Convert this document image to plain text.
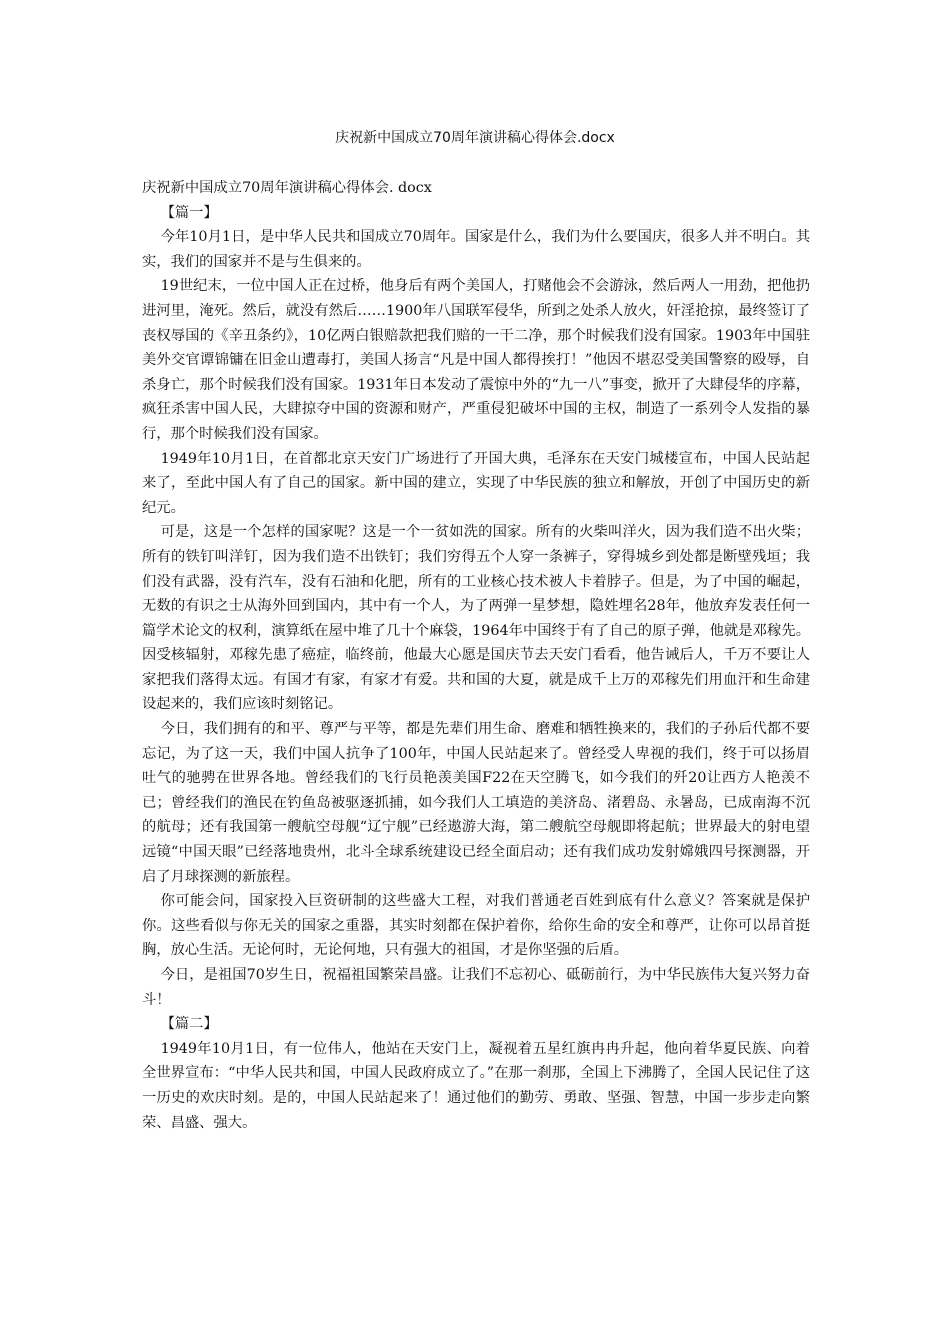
庆祝新中国成立70周年演讲稿心得体会.docx

庆祝新中国成立70周年演讲稿心得体会. docx

【篇一】

今年10月1日，是中华人民共和国成立70周年。国家是什么，我们为什么要国庆，很多人并不明白。其实，我们的国家并不是与生俱来的。

19世纪末，一位中国人正在过桥，他身后有两个美国人，打赌他会不会游泳，然后两人一用劲，把他扔进河里，淹死。然后，就没有然后……1900年八国联军侵华，所到之处杀人放火，奸淫抢掠，最终签订了丧权辱国的《辛丑条约》，10亿两白银赔款把我们赔的一干二净，那个时候我们没有国家。1903年中国驻美外交官谭锦镛在旧金山遭毒打，美国人扬言“凡是中国人都得挨打！”他因不堪忍受美国警察的殴辱，自杀身亡，那个时候我们没有国家。1931年日本发动了震惊中外的“九一八”事变，掀开了大肆侵华的序幕，疯狂杀害中国人民，大肆掠夺中国的资源和财产，严重侵犯破坏中国的主权，制造了一系列令人发指的暴行，那个时候我们没有国家。

1949年10月1日，在首都北京天安门广场进行了开国大典，毛泽东在天安门城楼宣布，中国人民站起来了，至此中国人有了自己的国家。新中国的建立，实现了中华民族的独立和解放，开创了中国历史的新纪元。

可是，这是一个怎样的国家呢？这是一个一贫如洗的国家。所有的火柴叫洋火，因为我们造不出火柴；所有的铁钉叫洋钉，因为我们造不出铁钉；我们穷得五个人穿一条裤子，穿得城乡到处都是断壁残垣；我们没有武器，没有汽车，没有石油和化肥，所有的工业核心技术被人卡着脖子。但是，为了中国的崛起，无数的有识之士从海外回到国内，其中有一个人，为了两弹一星梦想，隐姓埋名28年，他放弃发表任何一篇学术论文的权利，演算纸在屋中堆了几十个麻袋，1964年中国终于有了自己的原子弹，他就是邓稼先。因受核辐射，邓稼先患了癌症，临终前，他最大心愿是国庆节去天安门看看，他告诫后人，千万不要让人家把我们落得太远。有国才有家，有家才有爱。共和国的大夏，就是成千上万的邓稼先们用血汗和生命建设起来的，我们应该时刻铭记。

今日，我们拥有的和平、尊严与平等，都是先辈们用生命、磨难和牺牲换来的，我们的子孙后代都不要忘记，为了这一天，我们中国人抗争了100年，中国人民站起来了。曾经受人卑视的我们，终于可以扬眉吐气的驰骋在世界各地。曾经我们的飞行员艳羡美国F22在天空腾飞，如今我们的歼20让西方人艳羡不已；曾经我们的渔民在钓鱼岛被驱逐抓捕，如今我们人工填造的美济岛、渚碧岛、永暑岛，已成南海不沉的航母；还有我国第一艘航空母舰“辽宁舰”已经遨游大海，第二艘航空母舰即将起航；世界最大的射电望远镜“中国天眼”已经落地贵州，北斗全球系统建设已经全面启动；还有我们成功发射嫦娥四号探测器，开启了月球探测的新旅程。

你可能会问，国家投入巨资研制的这些盛大工程，对我们普通老百姓到底有什么意义？答案就是保护你。这些看似与你无关的国家之重器，其实时刻都在保护着你，给你生命的安全和尊严，让你可以昂首挺胸，放心生活。无论何时，无论何地，只有强大的祖国，才是你坚强的后盾。

今日，是祖国70岁生日，祝福祖国繁荣昌盛。让我们不忘初心、砥砺前行，为中华民族伟大复兴努力奋斗！

【篇二】

1949年10月1日，有一位伟人，他站在天安门上，凝视着五星红旗冉冉升起，他向着华夏民族、向着全世界宣布：“中华人民共和国，中国人民政府成立了。”在那一刹那，全国上下沸腾了，全国人民记住了这一历史的欢庆时刻。是的，中国人民站起来了！通过他们的勤劳、勇敢、坚强、智慧，中国一步步走向繁荣、昌盛、强大。
